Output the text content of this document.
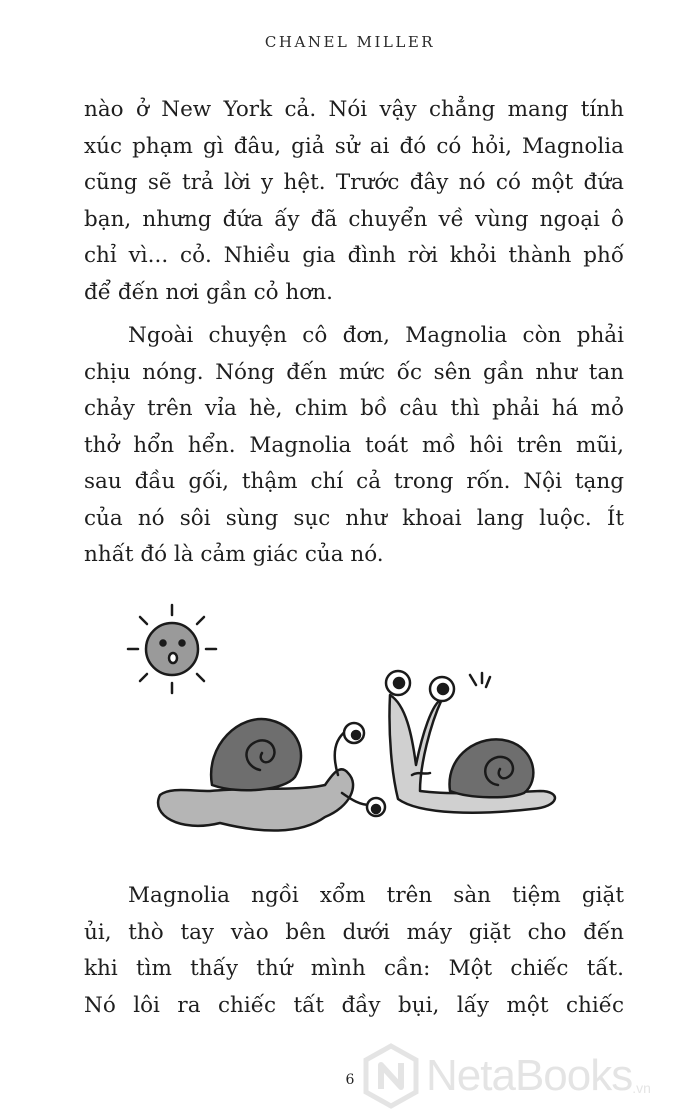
CHANEL MILLER
nào ở New York cả. Nói vậy chẳng mang tính
xúc phạm gì đâu, giả sử ai đó có hỏi, Magnolia
cũng sẽ trả lời y hệt. Trước đây nó có một đứa
bạn, nhưng đứa ấy đã chuyển về vùng ngoại ô
chỉ vì... cỏ. Nhiều gia đình rời khỏi thành phố
để đến nơi gần cỏ hơn.
Ngoài chuyện cô đơn, Magnolia còn phải
chịu nóng. Nóng đến mức ốc sên gần như tan
chảy trên vỉa hè, chim bồ câu thì phải há mỏ
thở hổn hển. Magnolia toát mồ hôi trên mũi,
sau đầu gối, thậm chí cả trong rốn. Nội tạng
của nó sôi sùng sục như khoai lang luộc. Ít
nhất đó là cảm giác của nó.
Magnolia ngồi xổm trên sàn tiệm giặt
ủi, thò tay vào bên dưới máy giặt cho đến
khi tìm thấy thứ mình cần: Một chiếc tất.
Nó lôi ra chiếc tất đầy bụi, lấy một chiếc
6 NetaBooks .vn
